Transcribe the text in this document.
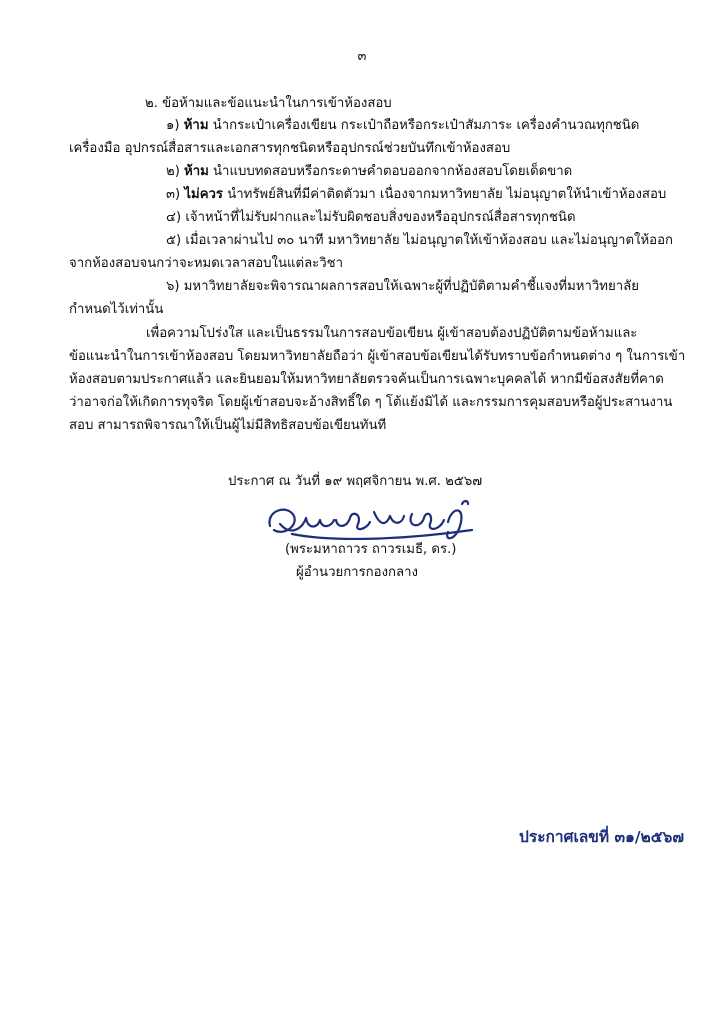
๓
๒. ข้อห้ามและข้อแนะนำในการเข้าห้องสอบ
๑) ห้าม นำกระเป๋าเครื่องเขียน กระเป๋าถือหรือกระเป๋าสัมภาระ เครื่องคำนวณทุกชนิด
เครื่องมือ อุปกรณ์สื่อสารและเอกสารทุกชนิดหรืออุปกรณ์ช่วยบันทึกเข้าห้องสอบ
๒) ห้าม นำแบบทดสอบหรือกระดาษคำตอบออกจากห้องสอบโดยเด็ดขาด
๓) ไม่ควร นำทรัพย์สินที่มีค่าติดตัวมา เนื่องจากมหาวิทยาลัย ไม่อนุญาตให้นำเข้าห้องสอบ
๔) เจ้าหน้าที่ไม่รับฝากและไม่รับผิดชอบสิ่งของหรืออุปกรณ์สื่อสารทุกชนิด
๕) เมื่อเวลาผ่านไป ๓๐ นาที มหาวิทยาลัย ไม่อนุญาตให้เข้าห้องสอบ และไม่อนุญาตให้ออก
จากห้องสอบจนกว่าจะหมดเวลาสอบในแต่ละวิชา
๖) มหาวิทยาลัยจะพิจารณาผลการสอบให้เฉพาะผู้ที่ปฏิบัติตามคำชี้แจงที่มหาวิทยาลัย
กำหนดไว้เท่านั้น
เพื่อความโปร่งใส และเป็นธรรมในการสอบข้อเขียน ผู้เข้าสอบต้องปฏิบัติตามข้อห้ามและ
ข้อแนะนำในการเข้าห้องสอบ โดยมหาวิทยาลัยถือว่า ผู้เข้าสอบข้อเขียนได้รับทราบข้อกำหนดต่าง ๆ ในการเข้า
ห้องสอบตามประกาศแล้ว และยินยอมให้มหาวิทยาลัยตรวจค้นเป็นการเฉพาะบุคคลได้ หากมีข้อสงสัยที่คาด
ว่าอาจก่อให้เกิดการทุจริต โดยผู้เข้าสอบจะอ้างสิทธิ์ใด ๆ โต้แย้งมิได้ และกรรมการคุมสอบหรือผู้ประสานงาน
สอบ สามารถพิจารณาให้เป็นผู้ไม่มีสิทธิสอบข้อเขียนทันที
ประกาศ ณ วันที่ ๑๙ พฤศจิกายน พ.ศ. ๒๕๖๗
(พระมหาถาวร ถาวรเมธี, ดร.)
ผู้อำนวยการกองกลาง
ประกาศเลขที่ ๓๑/๒๕๖๗
